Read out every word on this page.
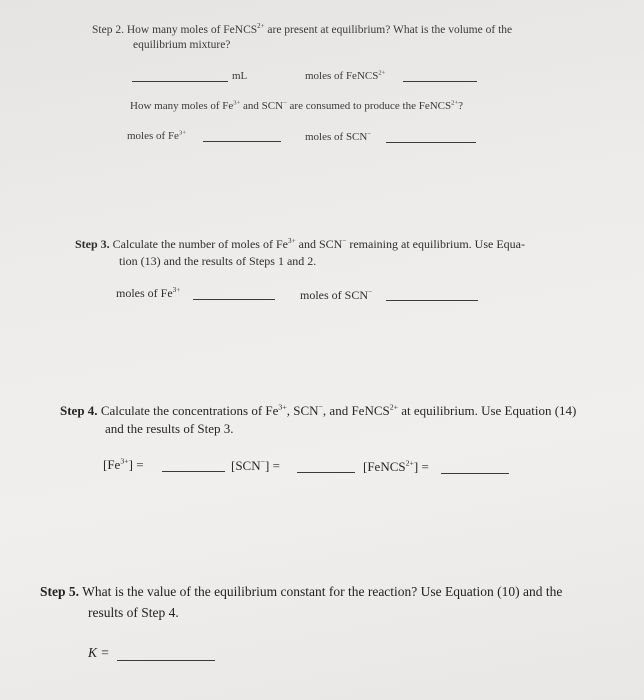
Step 2. How many moles of FeNCS$^{2+}$ are present at equilibrium? What is the volume of the
equilibrium mixture?
mL	moles of FeNCS$^{2+}$
How many moles of $Fe^{3+}$ and SCN− are consumed to produce the FeNCS$^{2+}$?
moles of $Fe^{3+}$	moles of SCN−
Step 3. Calculate the number of moles of $Fe^{3+}$ and SCN− remaining at equilibrium. Use Equa-
tion (13) and the results of Steps 1 and 2.
moles of $Fe^{3+}$	moles of SCN−
Step 4. Calculate the concentrations of $Fe^{3+}$, SCN−, and FeNCS$^{2+}$ at equilibrium. Use Equation (14)
and the results of Step 3.
$[Fe^{3+}]$ =	[SCN−] =	[FeNCS$^{2+}$] =
Step 5. What is the value of the equilibrium constant for the reaction? Use Equation (10) and the
results of Step 4.
K =
